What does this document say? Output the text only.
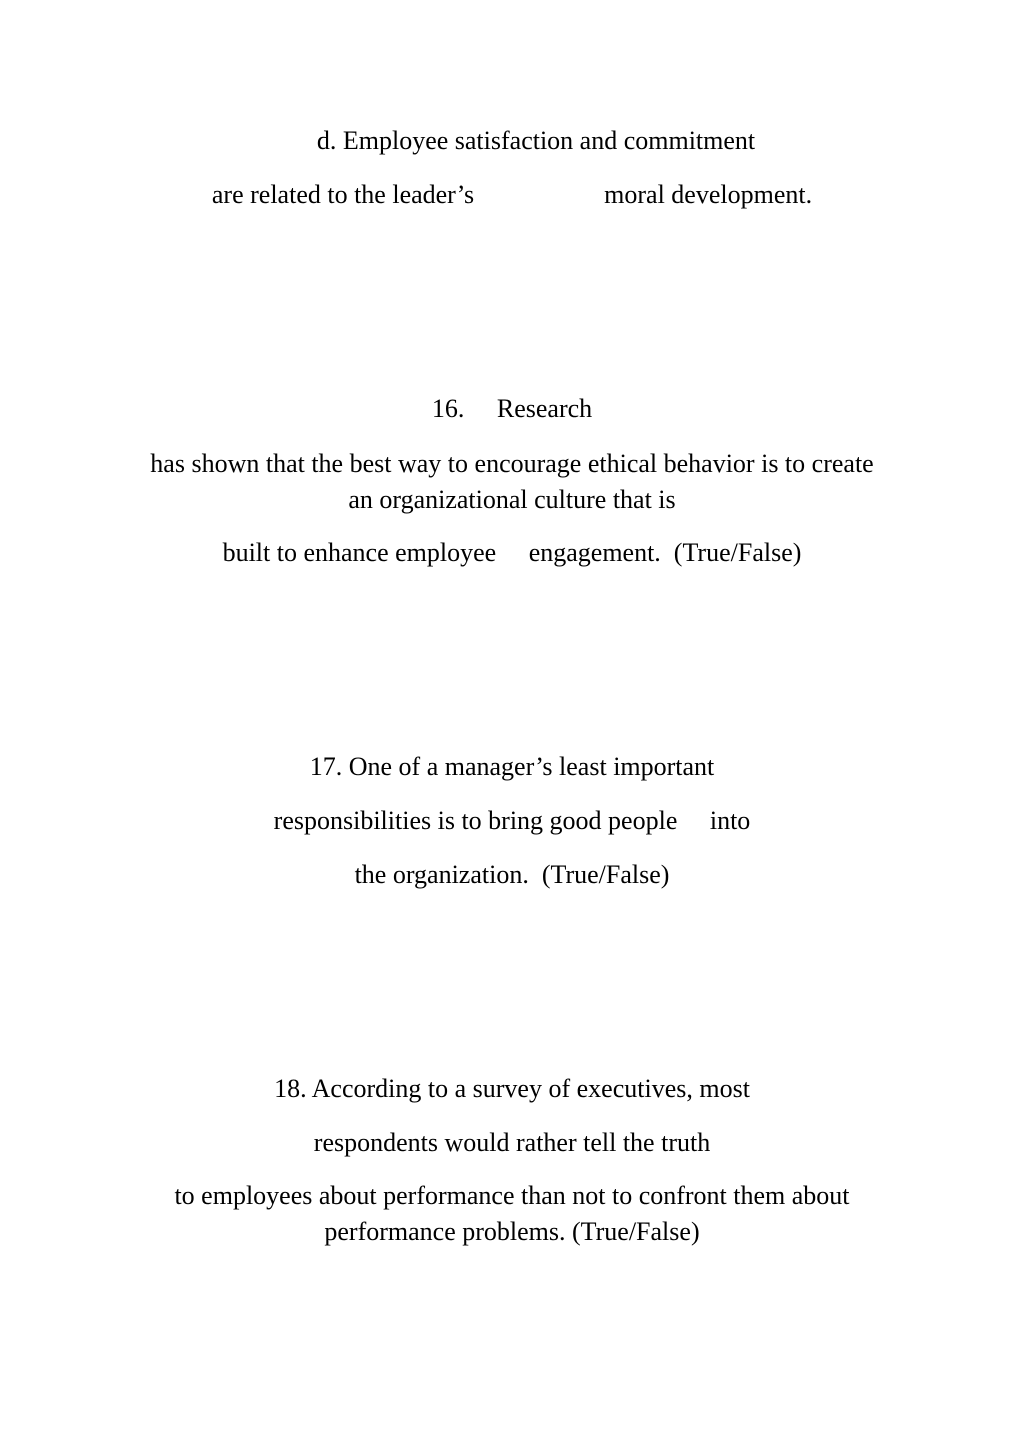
d. Employee satisfaction and commitment
are related to the leader’s                    moral development.
16.     Research
has shown that the best way to encourage ethical behavior is to create an organizational culture that is
built to enhance employee     engagement.  (True/False)
17. One of a manager’s least important
responsibilities is to bring good people     into
the organization.  (True/False)
18. According to a survey of executives, most
respondents would rather tell the truth
to employees about performance than not to confront them about performance problems. (True/False)
